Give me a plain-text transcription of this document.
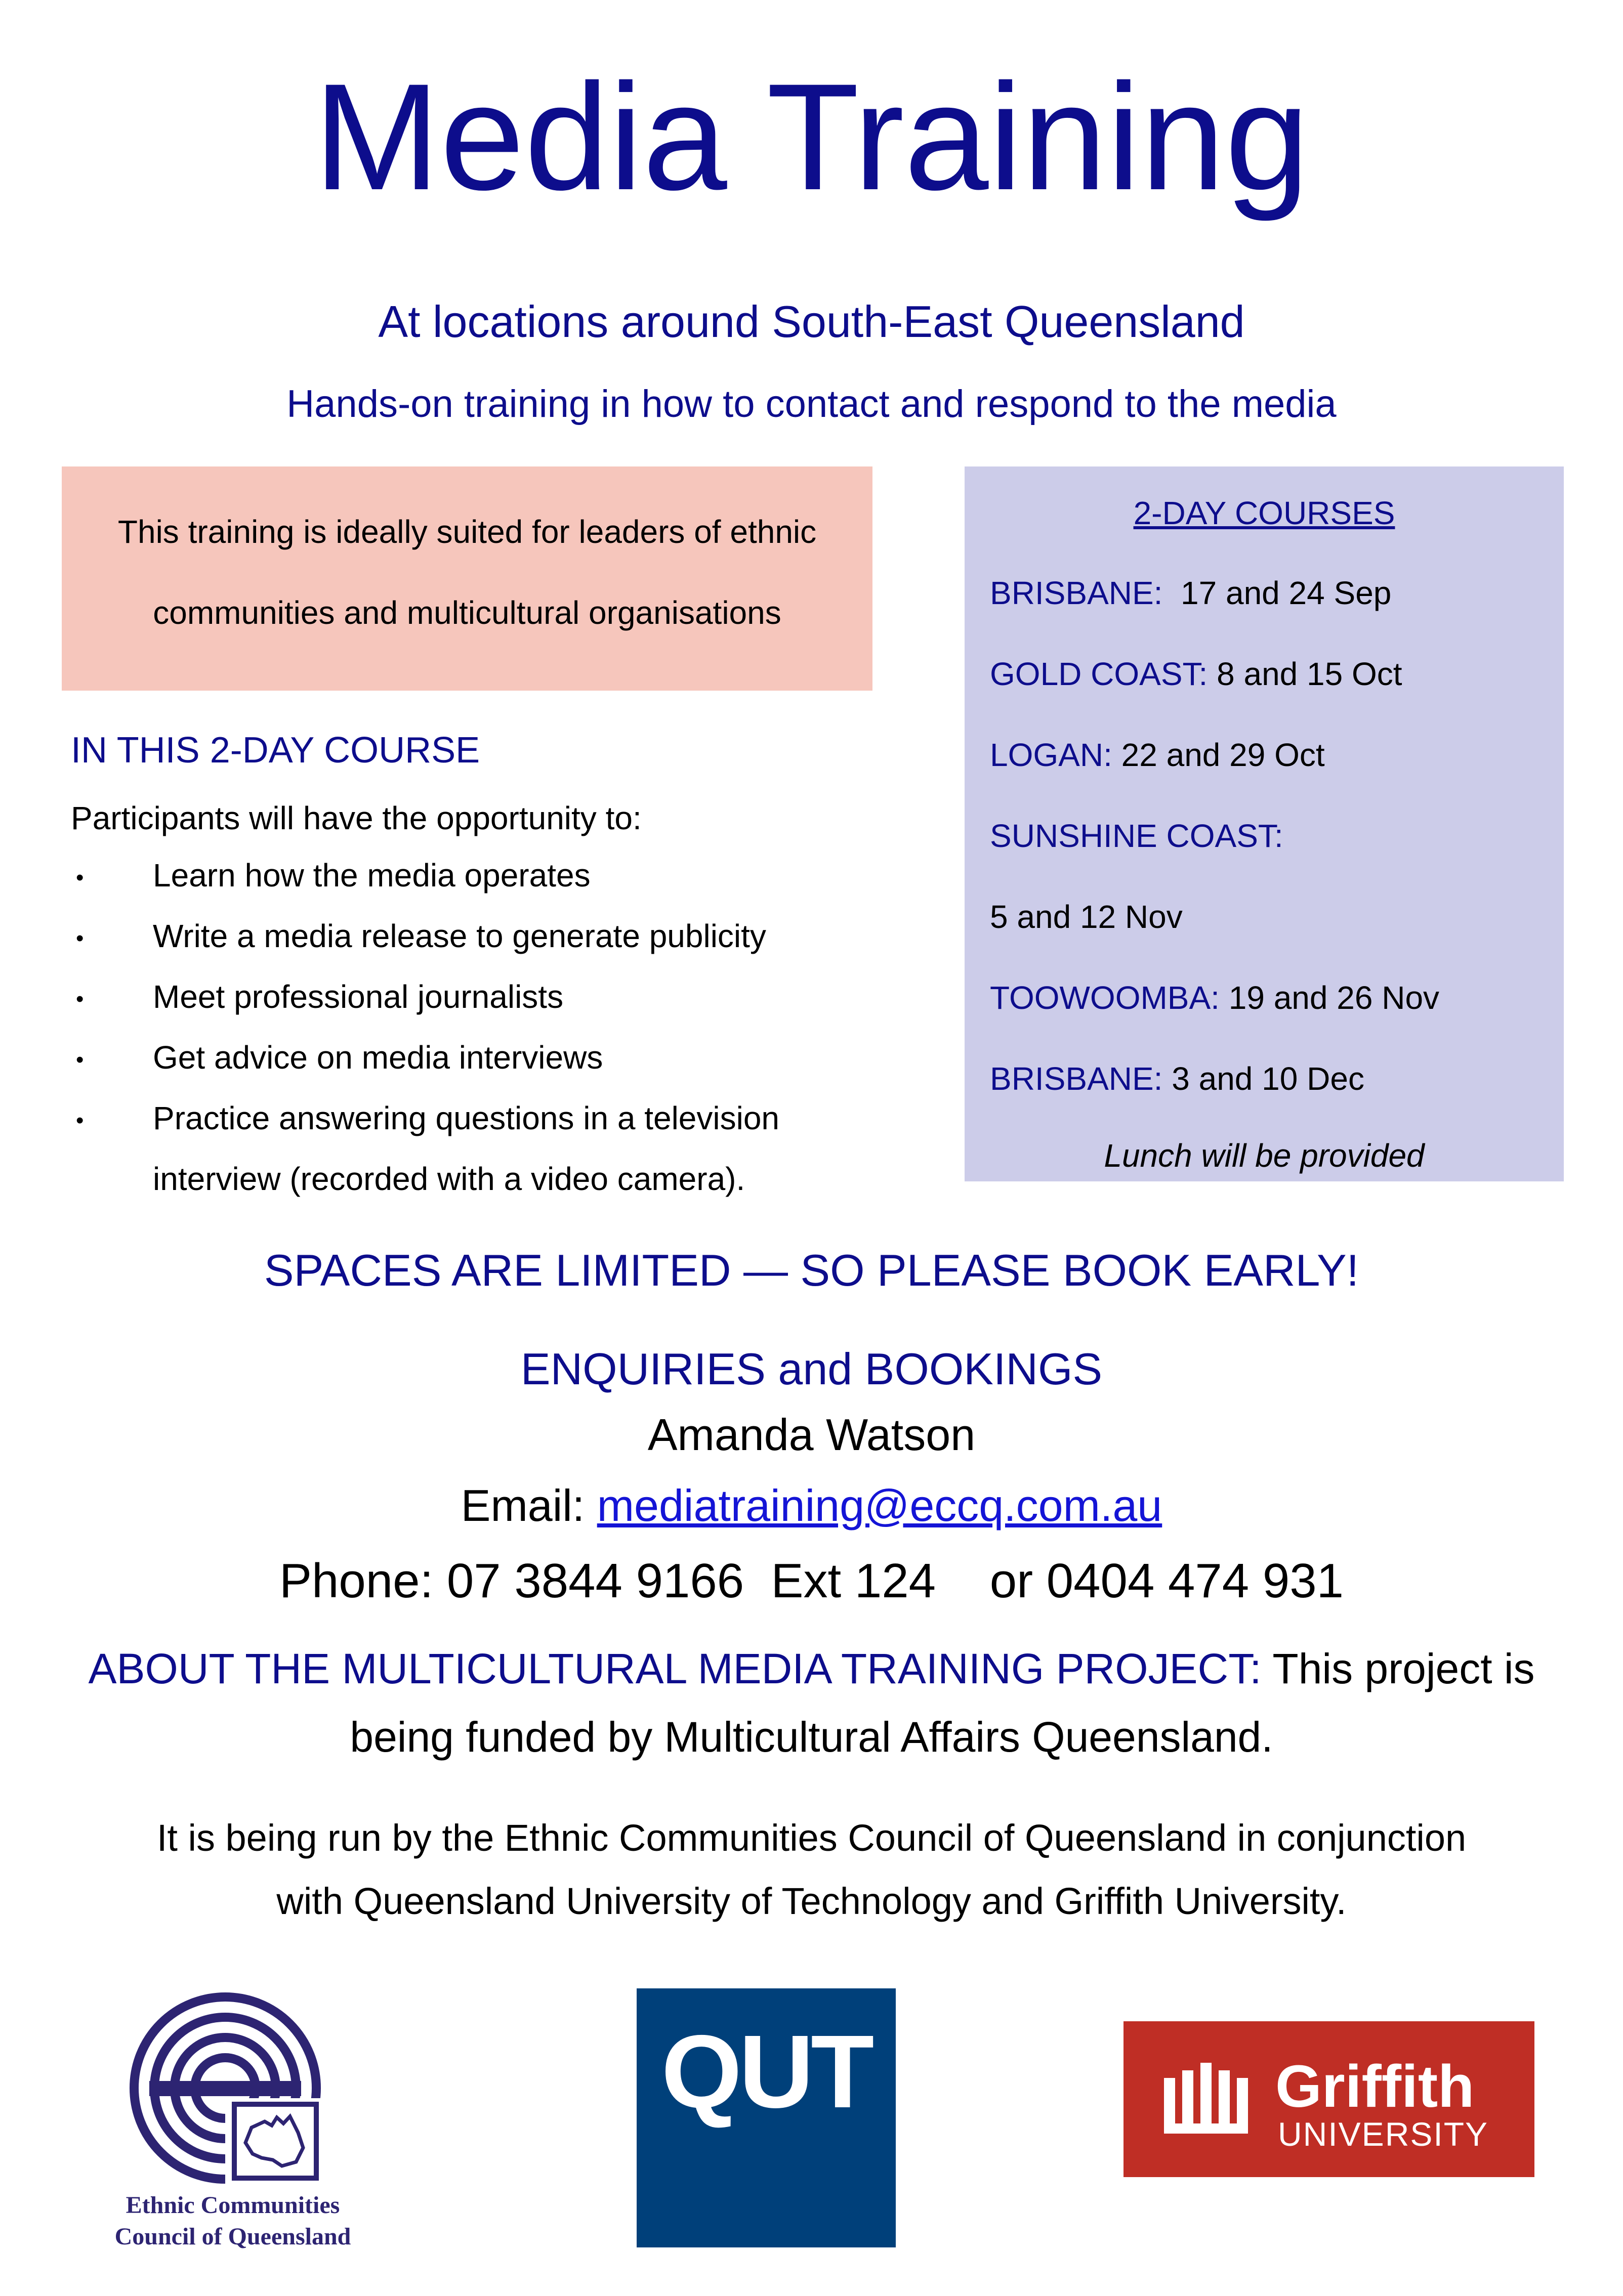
Media Training
At locations around South-East Queensland
Hands-on training in how to contact and respond to the media
This training is ideally suited for leaders of ethnic
communities and multicultural organisations
2-DAY COURSES
BRISBANE:  17 and 24 Sep
GOLD COAST: 8 and 15 Oct
LOGAN: 22 and 29 Oct
SUNSHINE COAST:
5 and 12 Nov
TOOWOOMBA: 19 and 26 Nov
BRISBANE: 3 and 10 Dec
Lunch will be provided
IN THIS 2-DAY COURSE
Participants will have the opportunity to:
• Learn how the media operates
• Write a media release to generate publicity
• Meet professional journalists
• Get advice on media interviews
• Practice answering questions in a television
interview (recorded with a video camera).
SPACES ARE LIMITED — SO PLEASE BOOK EARLY!
ENQUIRIES and BOOKINGS
Amanda Watson
Email: mediatraining@eccq.com.au
Phone: 07 3844 9166  Ext 124    or 0404 474 931
ABOUT THE MULTICULTURAL MEDIA TRAINING PROJECT: This project is
being funded by Multicultural Affairs Queensland.
It is being run by the Ethnic Communities Council of Queensland in conjunction
with Queensland University of Technology and Griffith University.
Ethnic Communities
Council of Queensland
QUT	Griffith
UNIVERSITY
